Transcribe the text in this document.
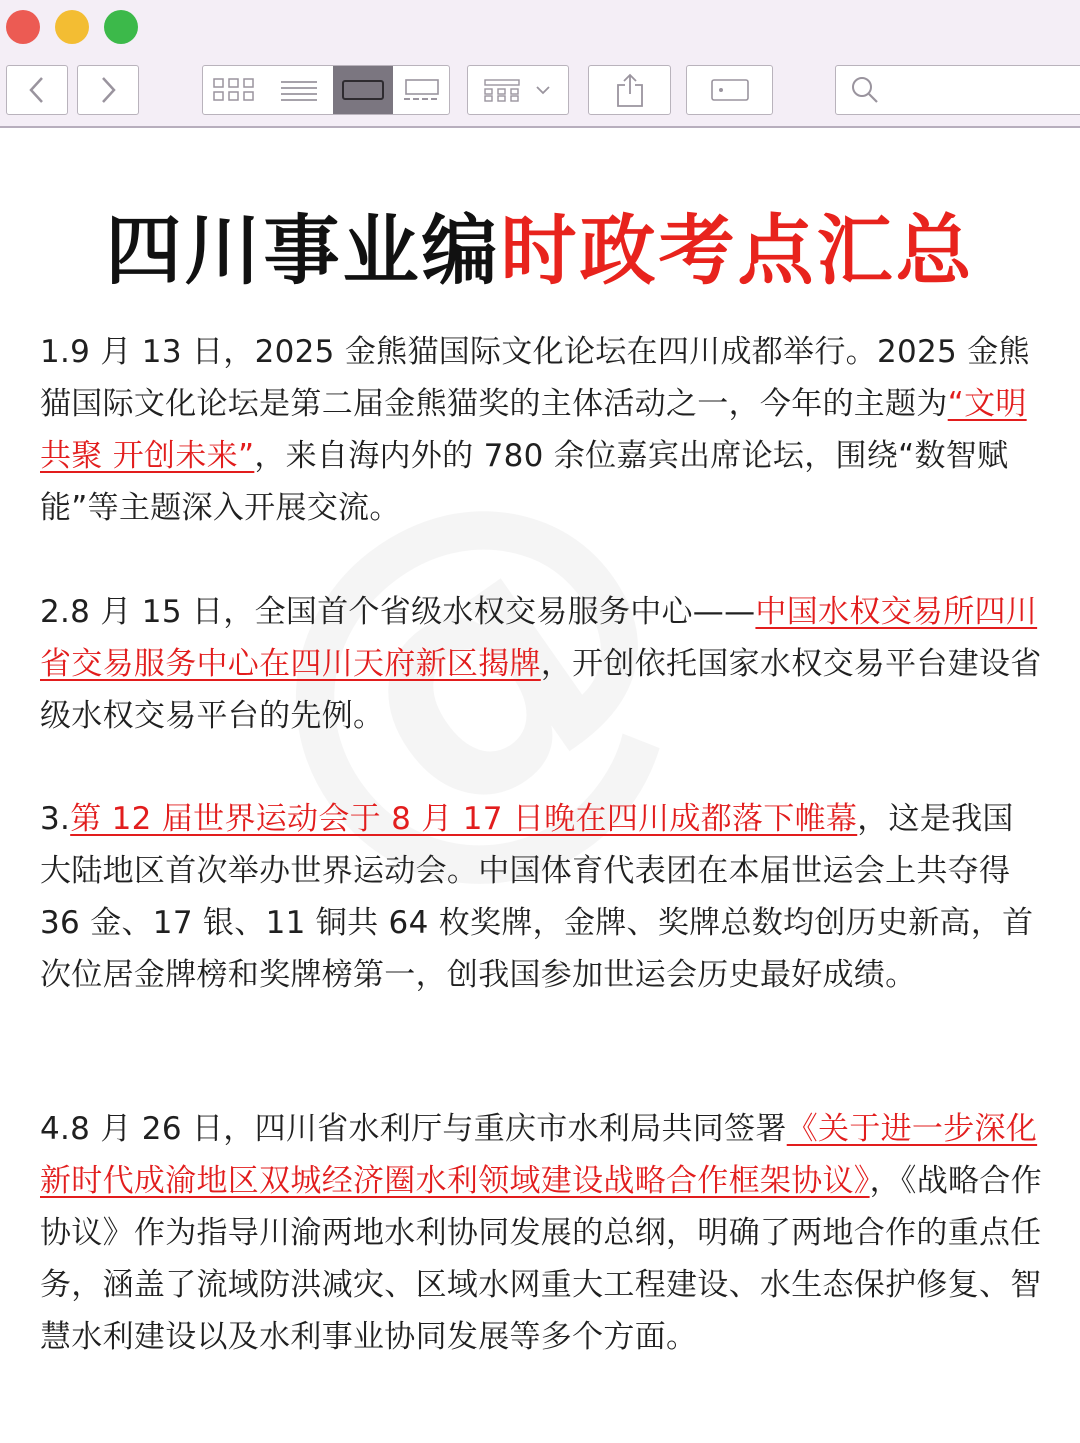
四川事业编时政考点汇总
1.9 月 13 日，2025 金熊猫国际文化论坛在四川成都举行。2025 金熊猫国际文化论坛是第二届金熊猫奖的主体活动之一，今年的主题为“文明共聚 开创未来”，来自海内外的 780 余位嘉宾出席论坛，围绕“数智赋能”等主题深入开展交流。
2.8 月 15 日，全国首个省级水权交易服务中心——中国水权交易所四川省交易服务中心在四川天府新区揭牌，开创依托国家水权交易平台建设省级水权交易平台的先例。
3.第 12 届世界运动会于 8 月 17 日晚在四川成都落下帷幕，这是我国大陆地区首次举办世界运动会。中国体育代表团在本届世运会上共夺得 36 金、17 银、11 铜共 64 枚奖牌，金牌、奖牌总数均创历史新高，首次位居金牌榜和奖牌榜第一，创我国参加世运会历史最好成绩。
4.8 月 26 日，四川省水利厅与重庆市水利局共同签署《关于进一步深化新时代成渝地区双城经济圈水利领域建设战略合作框架协议》，《战略合作协议》作为指导川渝两地水利协同发展的总纲，明确了两地合作的重点任务，涵盖了流域防洪减灾、区域水网重大工程建设、水生态保护修复、智慧水利建设以及水利事业协同发展等多个方面。
